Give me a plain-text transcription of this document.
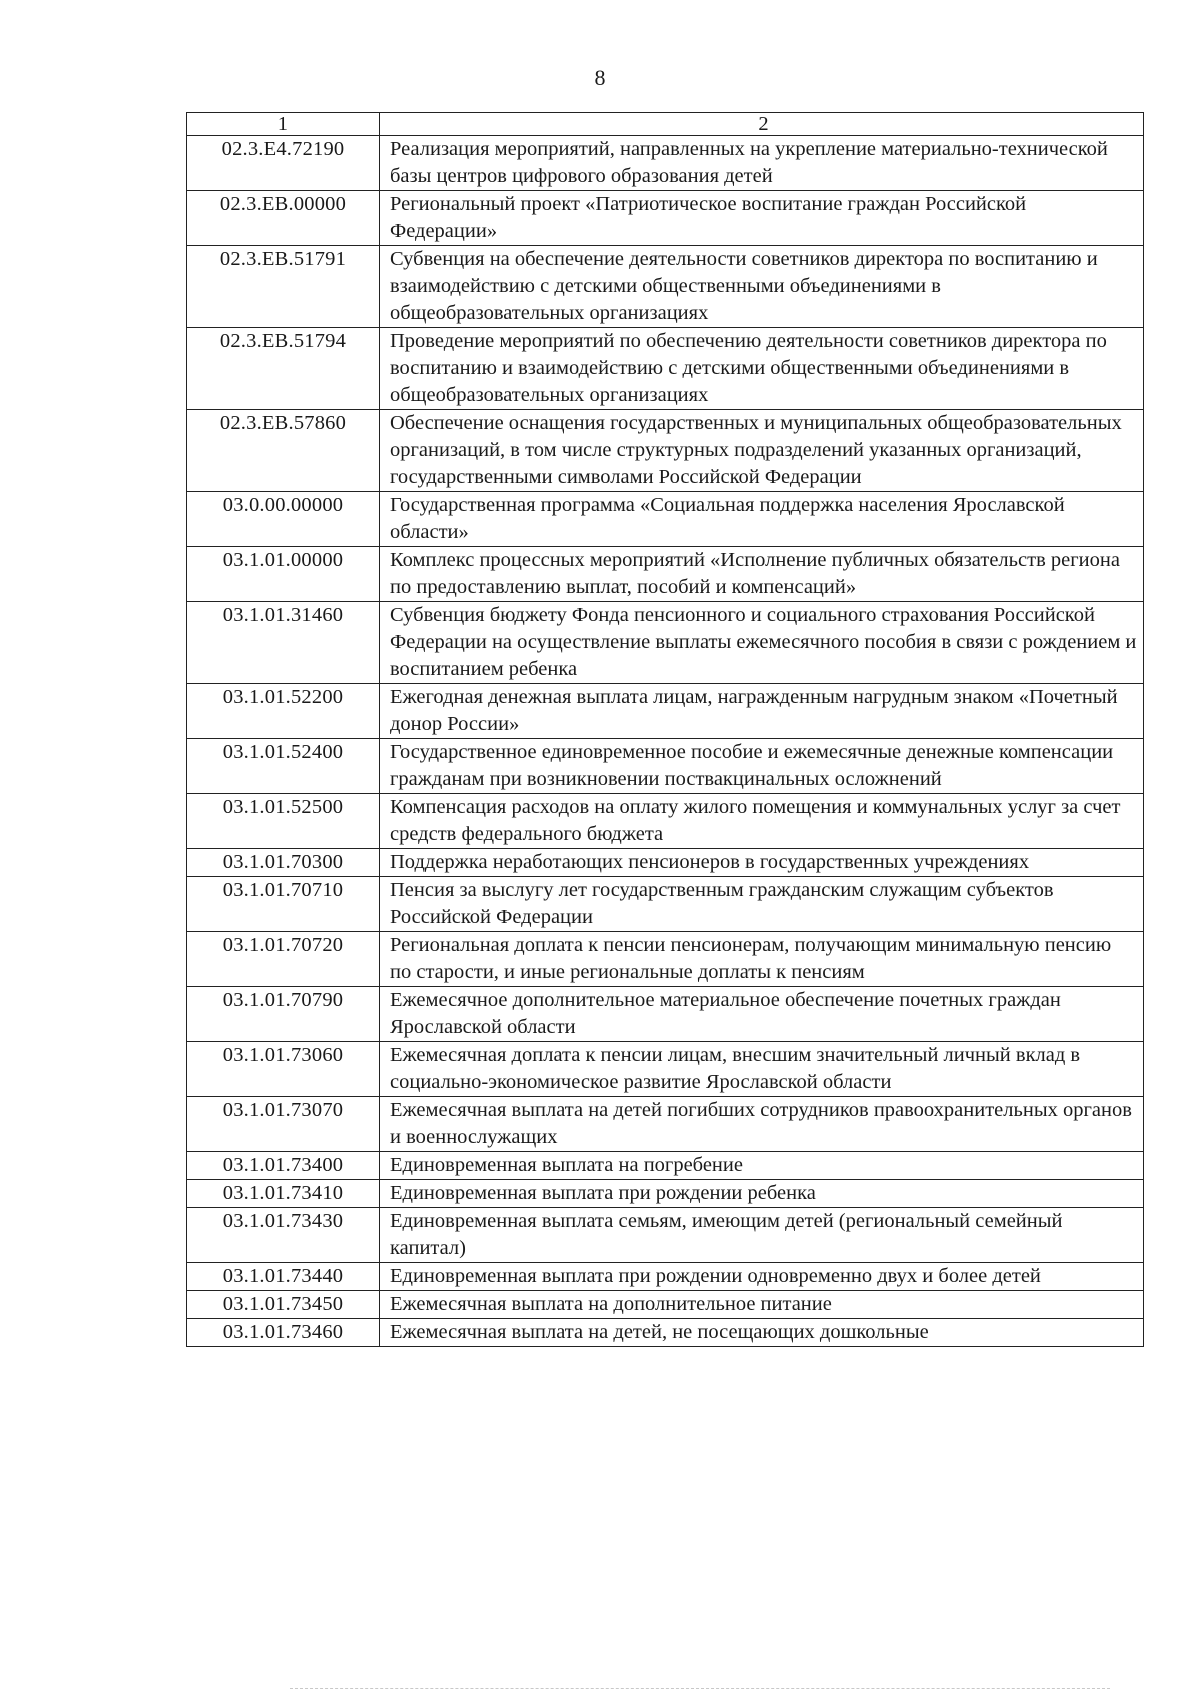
8
1	2
02.3.E4.72190	Реализация мероприятий, направленных на укрепление материально-технической базы центров цифрового образования детей
02.3.EВ.00000	Региональный проект «Патриотическое воспитание граждан Российской Федерации»
02.3.EВ.51791	Субвенция на обеспечение деятельности советников директора по воспитанию и взаимодействию с детскими общественными объединениями в общеобразовательных организациях
02.3.EВ.51794	Проведение мероприятий по обеспечению деятельности советников директора по воспитанию и взаимодействию с детскими общественными объединениями в общеобразовательных организациях
02.3.EВ.57860	Обеспечение оснащения государственных и муниципальных общеобразовательных организаций, в том числе структурных подразделений указанных организаций, государственными символами Российской Федерации
03.0.00.00000	Государственная программа «Социальная поддержка населения Ярославской области»
03.1.01.00000	Комплекс процессных мероприятий «Исполнение публичных обязательств региона по предоставлению выплат, пособий и компенсаций»
03.1.01.31460	Субвенция бюджету Фонда пенсионного и социального страхования Российской Федерации на осуществление выплаты ежемесячного пособия в связи с рождением и воспитанием ребенка
03.1.01.52200	Ежегодная денежная выплата лицам, награжденным нагрудным знаком «Почетный донор России»
03.1.01.52400	Государственное единовременное пособие и ежемесячные денежные компенсации гражданам при возникновении поствакцинальных осложнений
03.1.01.52500	Компенсация расходов на оплату жилого помещения и коммунальных услуг за счет средств федерального бюджета
03.1.01.70300	Поддержка неработающих пенсионеров в государственных учреждениях
03.1.01.70710	Пенсия за выслугу лет государственным гражданским служащим субъектов Российской Федерации
03.1.01.70720	Региональная доплата к пенсии пенсионерам, получающим минимальную пенсию по старости, и иные региональные доплаты к пенсиям
03.1.01.70790	Ежемесячное дополнительное материальное обеспечение почетных граждан Ярославской области
03.1.01.73060	Ежемесячная доплата к пенсии лицам, внесшим значительный личный вклад в социально-экономическое развитие Ярославской области
03.1.01.73070	Ежемесячная выплата на детей погибших сотрудников правоохранительных органов и военнослужащих
03.1.01.73400	Единовременная выплата на погребение
03.1.01.73410	Единовременная выплата при рождении ребенка
03.1.01.73430	Единовременная выплата семьям, имеющим детей (региональный семейный капитал)
03.1.01.73440	Единовременная выплата при рождении одновременно двух и более детей
03.1.01.73450	Ежемесячная выплата на дополнительное питание
03.1.01.73460	Ежемесячная выплата на детей, не посещающих дошкольные
